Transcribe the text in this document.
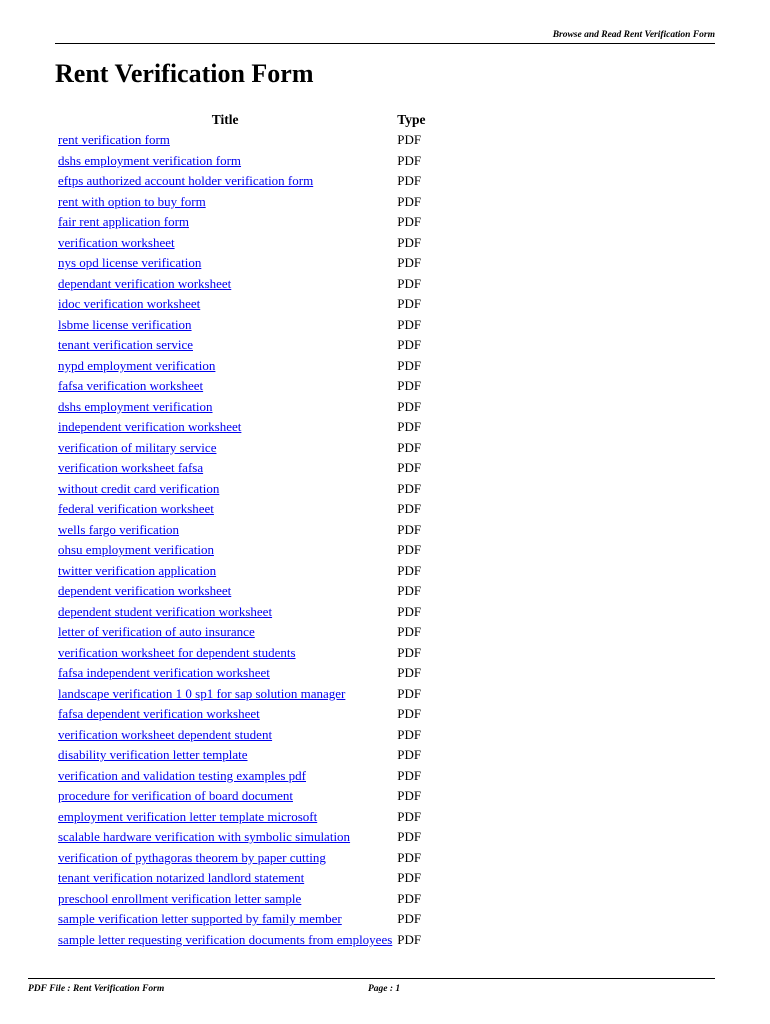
Browse and Read Rent Verification Form
Rent Verification Form
Title	Type
rent verification form	PDF
dshs employment verification form	PDF
eftps authorized account holder verification form	PDF
rent with option to buy form	PDF
fair rent application form	PDF
verification worksheet	PDF
nys opd license verification	PDF
dependant verification worksheet	PDF
idoc verification worksheet	PDF
lsbme license verification	PDF
tenant verification service	PDF
nypd employment verification	PDF
fafsa verification worksheet	PDF
dshs employment verification	PDF
independent verification worksheet	PDF
verification of military service	PDF
verification worksheet fafsa	PDF
without credit card verification	PDF
federal verification worksheet	PDF
wells fargo verification	PDF
ohsu employment verification	PDF
twitter verification application	PDF
dependent verification worksheet	PDF
dependent student verification worksheet	PDF
letter of verification of auto insurance	PDF
verification worksheet for dependent students	PDF
fafsa independent verification worksheet	PDF
landscape verification 1 0 sp1 for sap solution manager	PDF
fafsa dependent verification worksheet	PDF
verification worksheet dependent student	PDF
disability verification letter template	PDF
verification and validation testing examples pdf	PDF
procedure for verification of board document	PDF
employment verification letter template microsoft	PDF
scalable hardware verification with symbolic simulation	PDF
verification of pythagoras theorem by paper cutting	PDF
tenant verification notarized landlord statement	PDF
preschool enrollment verification letter sample	PDF
sample verification letter supported by family member	PDF
sample letter requesting verification documents from employees	PDF
PDF File : Rent Verification Form	Page : 1
